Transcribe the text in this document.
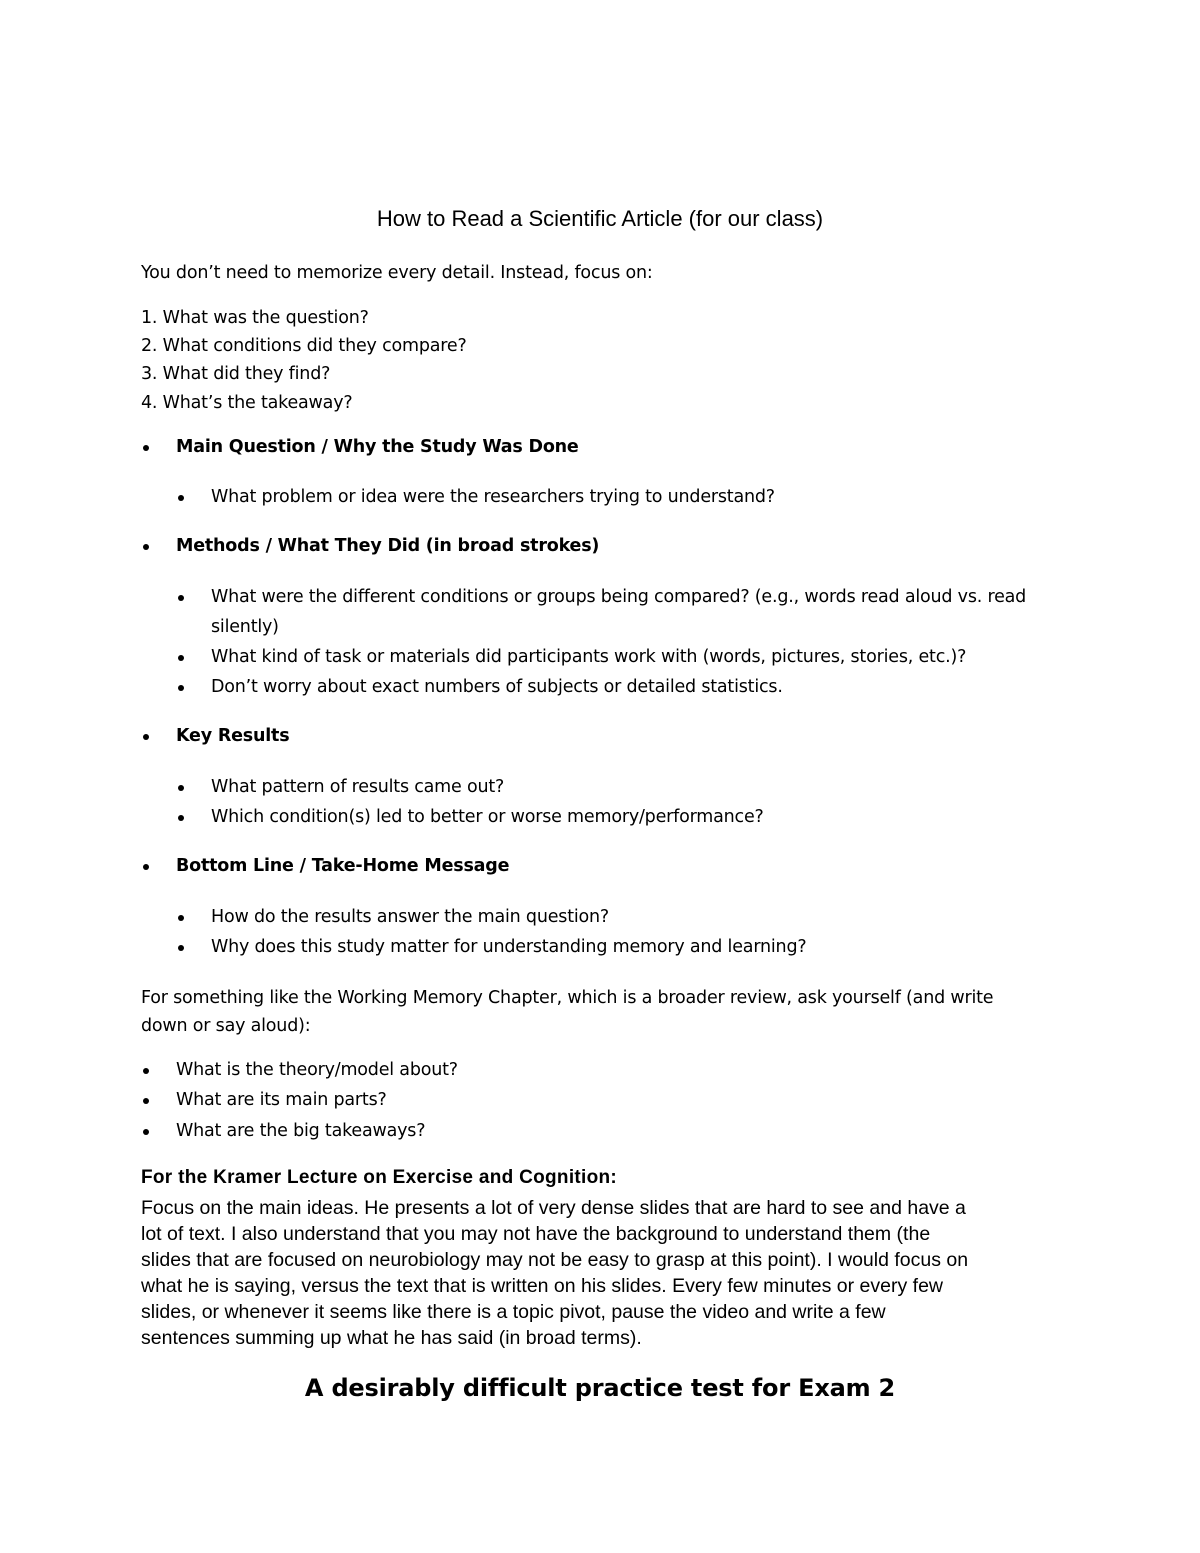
How to Read a Scientific Article (for our class)

You don’t need to memorize every detail. Instead, focus on:

1. What was the question?

2. What conditions did they compare?

3. What did they find?

4. What’s the takeaway?

Main Question / Why the Study Was Done

What problem or idea were the researchers trying to understand?

Methods / What They Did (in broad strokes)

What were the different conditions or groups being compared? (e.g., words read aloud vs. read

silently)

What kind of task or materials did participants work with (words, pictures, stories, etc.)?

Don’t worry about exact numbers of subjects or detailed statistics.

Key Results

What pattern of results came out?

Which condition(s) led to better or worse memory/performance?

Bottom Line / Take-Home Message

How do the results answer the main question?

Why does this study matter for understanding memory and learning?

For something like the Working Memory Chapter, which is a broader review, ask yourself (and write

down or say aloud):

What is the theory/model about?

What are its main parts?

What are the big takeaways?

For the Kramer Lecture on Exercise and Cognition:

Focus on the main ideas. He presents a lot of very dense slides that are hard to see and have a

lot of text. I also understand that you may not have the background to understand them (the

slides that are focused on neurobiology may not be easy to grasp at this point). I would focus on

what he is saying, versus the text that is written on his slides. Every few minutes or every few

slides, or whenever it seems like there is a topic pivot, pause the video and write a few

sentences summing up what he has said (in broad terms).

A desirably difficult practice test for Exam 2
